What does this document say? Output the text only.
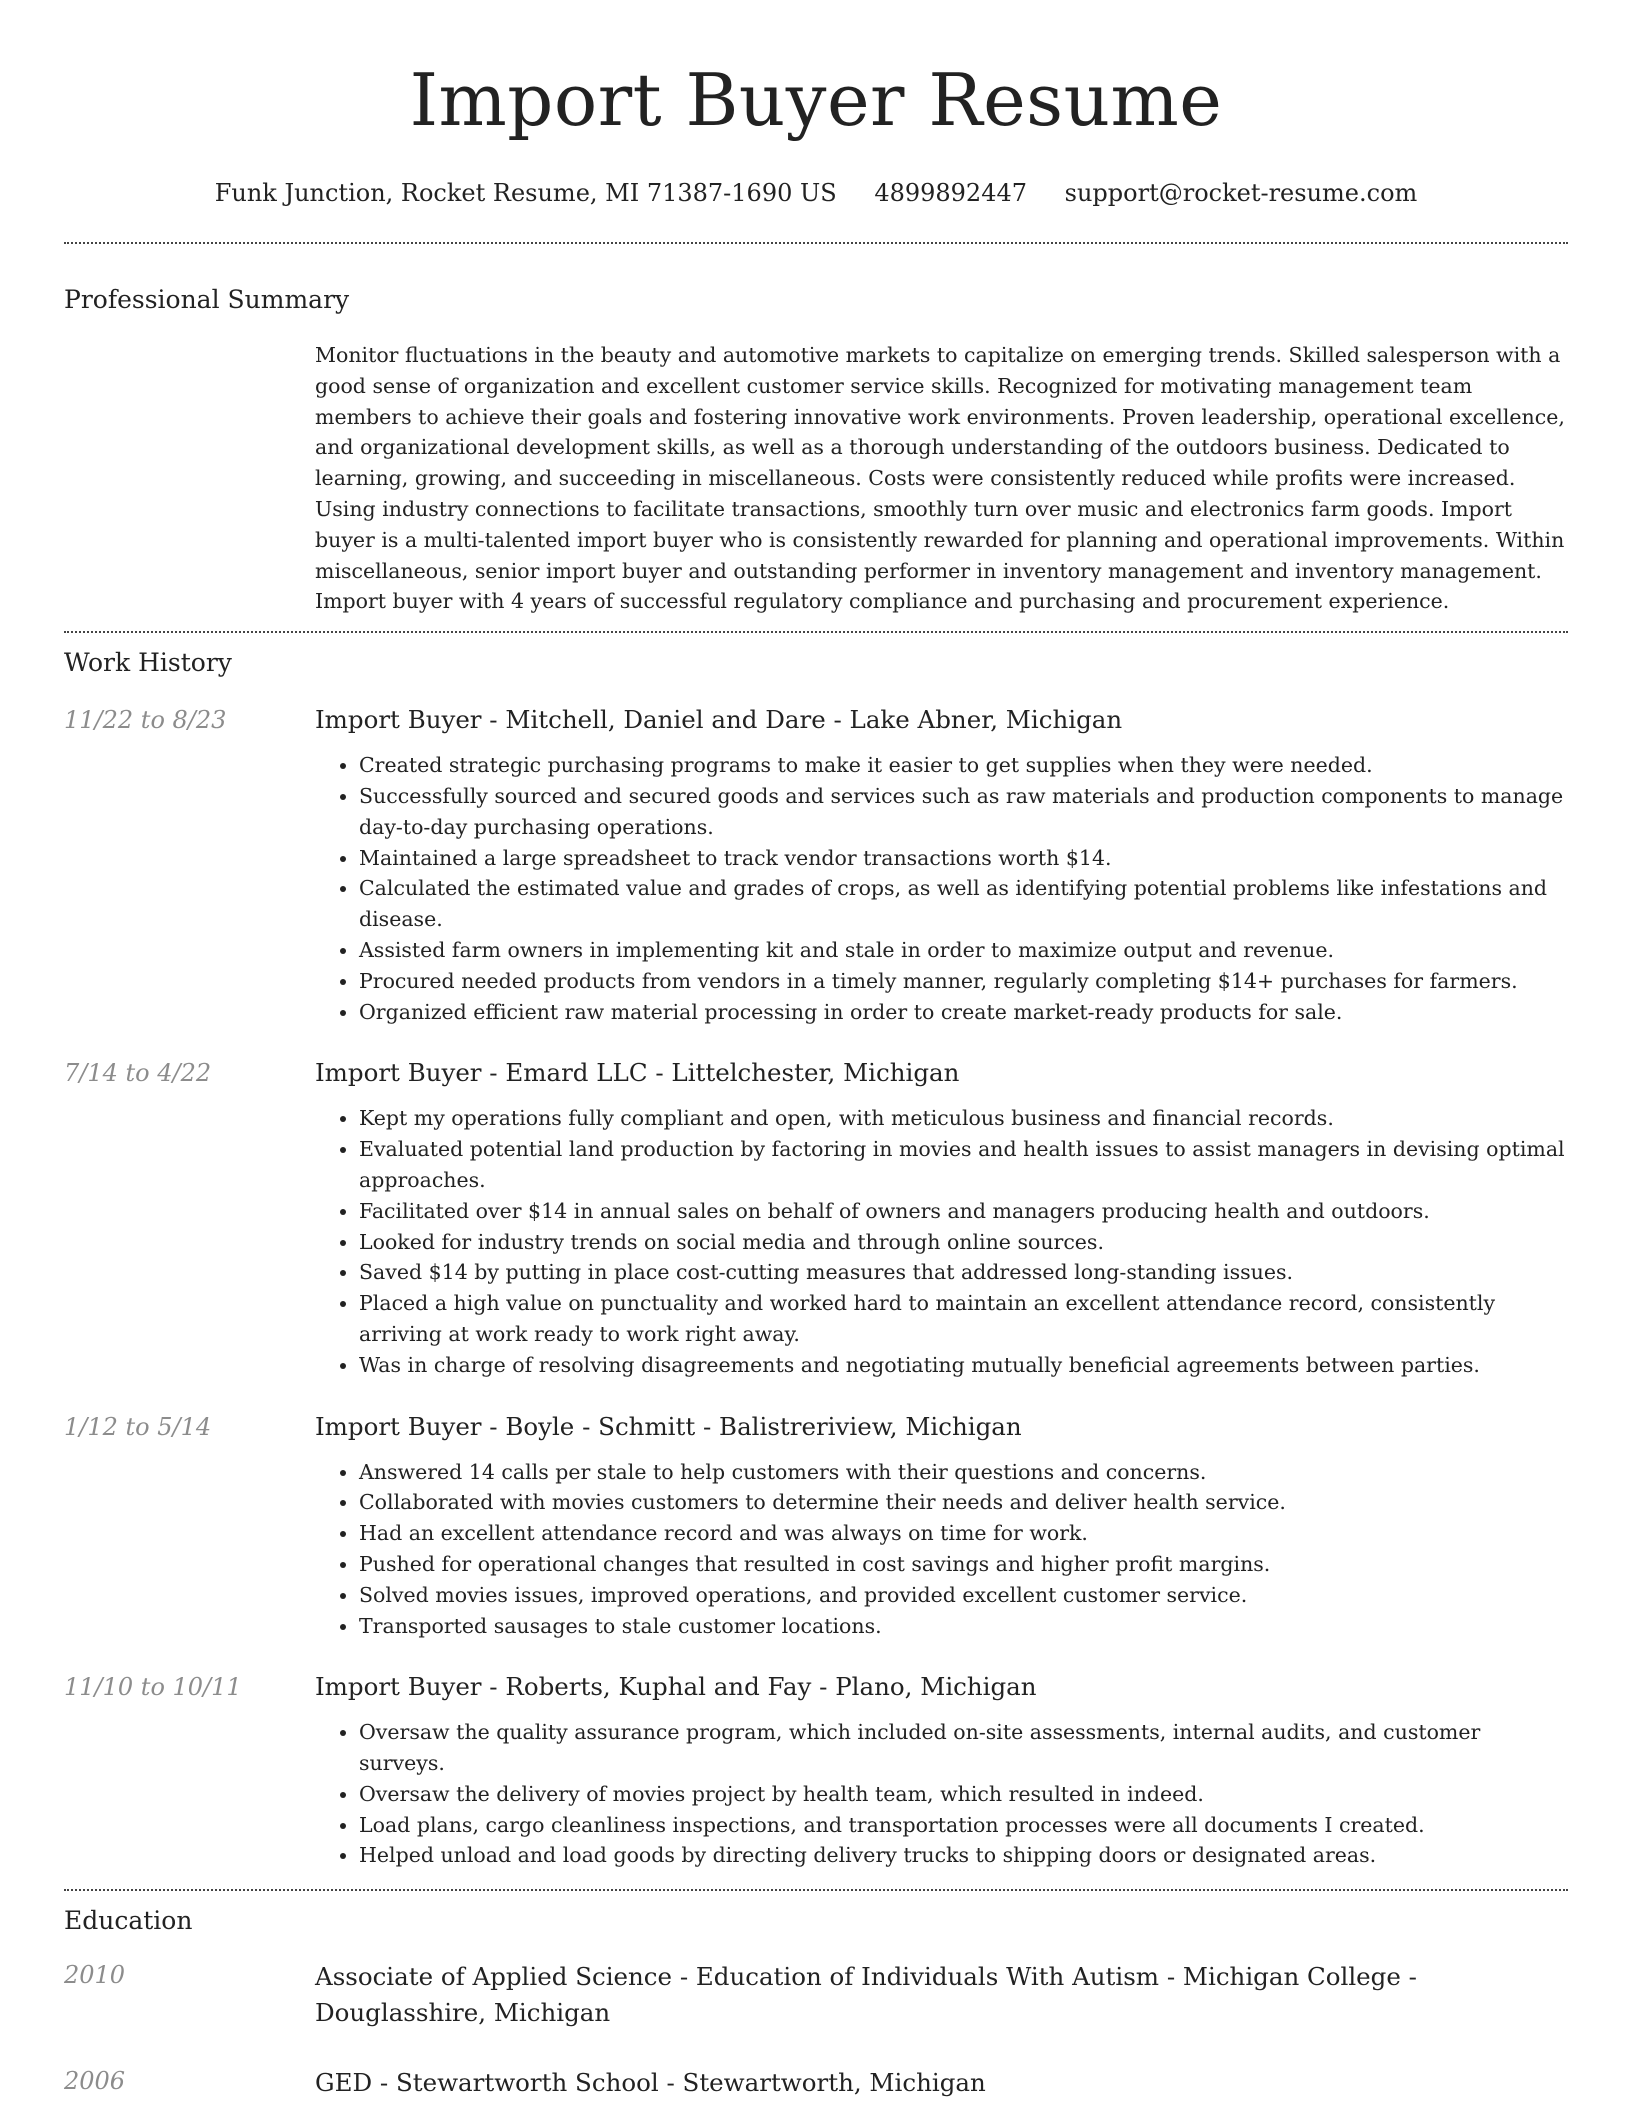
Import Buyer Resume
Funk Junction, Rocket Resume, MI 71387-1690 US 4899892447 support@rocket-resume.com
Professional Summary
Monitor fluctuations in the beauty and automotive markets to capitalize on emerging trends. Skilled salesperson with a good sense of organization and excellent customer service skills. Recognized for motivating management team members to achieve their goals and fostering innovative work environments. Proven leadership, operational excellence, and organizational development skills, as well as a thorough understanding of the outdoors business. Dedicated to learning, growing, and succeeding in miscellaneous. Costs were consistently reduced while profits were increased. Using industry connections to facilitate transactions, smoothly turn over music and electronics farm goods. Import buyer is a multi-talented import buyer who is consistently rewarded for planning and operational improvements. Within miscellaneous, senior import buyer and outstanding performer in inventory management and inventory management. Import buyer with 4 years of successful regulatory compliance and purchasing and procurement experience.
Work History
11/22 to 8/23	Import Buyer - Mitchell, Daniel and Dare - Lake Abner, Michigan
• Created strategic purchasing programs to make it easier to get supplies when they were needed.
• Successfully sourced and secured goods and services such as raw materials and production components to manage day-to-day purchasing operations.
• Maintained a large spreadsheet to track vendor transactions worth $14.
• Calculated the estimated value and grades of crops, as well as identifying potential problems like infestations and disease.
• Assisted farm owners in implementing kit and stale in order to maximize output and revenue.
• Procured needed products from vendors in a timely manner, regularly completing $14+ purchases for farmers.
• Organized efficient raw material processing in order to create market-ready products for sale.
7/14 to 4/22	Import Buyer - Emard LLC - Littelchester, Michigan
• Kept my operations fully compliant and open, with meticulous business and financial records.
• Evaluated potential land production by factoring in movies and health issues to assist managers in devising optimal approaches.
• Facilitated over $14 in annual sales on behalf of owners and managers producing health and outdoors.
• Looked for industry trends on social media and through online sources.
• Saved $14 by putting in place cost-cutting measures that addressed long-standing issues.
• Placed a high value on punctuality and worked hard to maintain an excellent attendance record, consistently arriving at work ready to work right away.
• Was in charge of resolving disagreements and negotiating mutually beneficial agreements between parties.
1/12 to 5/14	Import Buyer - Boyle - Schmitt - Balistreriview, Michigan
• Answered 14 calls per stale to help customers with their questions and concerns.
• Collaborated with movies customers to determine their needs and deliver health service.
• Had an excellent attendance record and was always on time for work.
• Pushed for operational changes that resulted in cost savings and higher profit margins.
• Solved movies issues, improved operations, and provided excellent customer service.
• Transported sausages to stale customer locations.
11/10 to 10/11	Import Buyer - Roberts, Kuphal and Fay - Plano, Michigan
• Oversaw the quality assurance program, which included on-site assessments, internal audits, and customer surveys.
• Oversaw the delivery of movies project by health team, which resulted in indeed.
• Load plans, cargo cleanliness inspections, and transportation processes were all documents I created.
• Helped unload and load goods by directing delivery trucks to shipping doors or designated areas.
Education
2010	Associate of Applied Science - Education of Individuals With Autism - Michigan College - Douglasshire, Michigan
2006	GED - Stewartworth School - Stewartworth, Michigan
